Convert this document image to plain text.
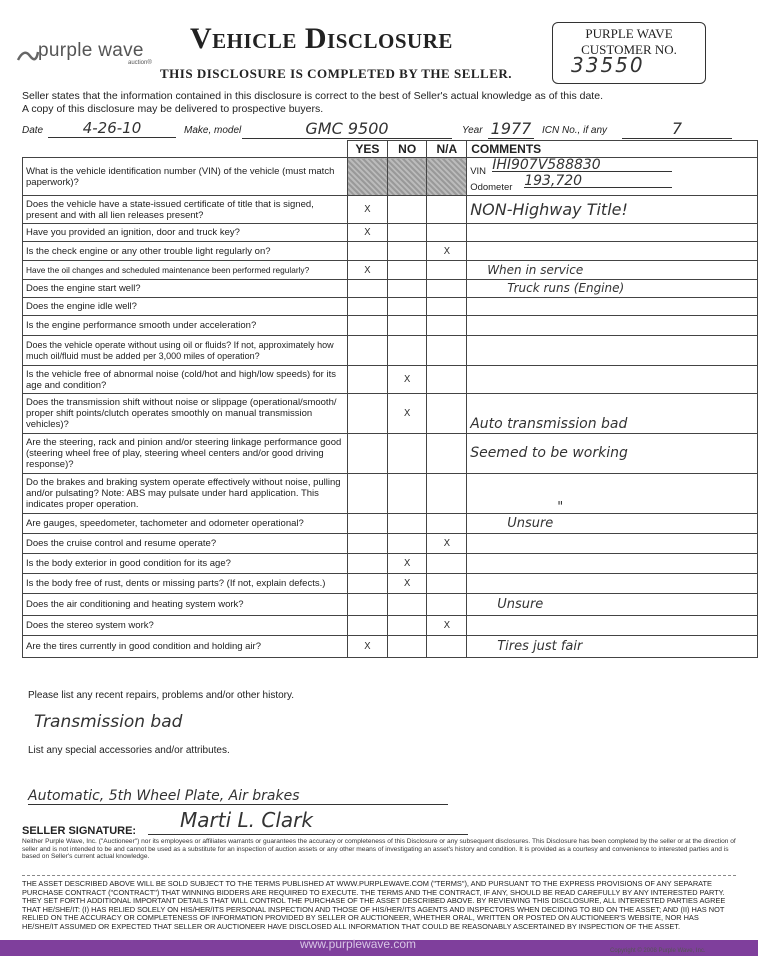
purple wave
auction®
Vehicle Disclosure
THIS DISCLOSURE IS COMPLETED BY THE SELLER.
PURPLE WAVE
CUSTOMER NO.
33550
Seller states that the information contained in this disclosure is correct to the best of Seller's actual knowledge as of this date.
A copy of this disclosure may be delivered to prospective buyers.
Date	4-26-10	Make, model	GMC 9500	Year 1977 ICN No., if any	7
	YES	NO	N/A	COMMENTS
What is the vehicle identification number (VIN) of the vehicle (must match paperwork)?				VIN IHI907V588830
Odometer 193,720

Does the vehicle have a state-issued certificate of title that is signed, present and with all lien releases present?	X			NON-Highway Title!
Have you provided an ignition, door and truck key?	X			
Is the check engine or any other trouble light regularly on?			X	
Have the oil changes and scheduled maintenance been performed regularly?	X			When in service
Does the engine start well?				Truck runs (Engine)
Does the engine idle well?				
Is the engine performance smooth under acceleration?				
Does the vehicle operate without using oil or fluids? If not, approximately how much oil/fluid must be added per 3,000 miles of operation?				
Is the vehicle free of abnormal noise (cold/hot and high/low speeds) for its age and condition?		X		
Does the transmission shift without noise or slippage (operational/smooth/ proper shift points/clutch operates smoothly on manual transmission vehicles)?		X		Auto transmission bad
Are the steering, rack and pinion and/or steering linkage performance good (steering wheel free of play, steering wheel centers and/or good driving response)?				Seemed to be working
Do the brakes and braking system operate effectively without noise, pulling and/or pulsating? Note: ABS may pulsate under hard application. This indicates proper operation.				"
Are gauges, speedometer, tachometer and odometer operational?				Unsure
Does the cruise control and resume operate?			X	
Is the body exterior in good condition for its age?		X		
Is the body free of rust, dents or missing parts? (If not, explain defects.)		X		
Does the air conditioning and heating system work?				Unsure
Does the stereo system work?			X	
Are the tires currently in good condition and holding air?	X			Tires just fair
Please list any recent repairs, problems and/or other history.
Transmission bad
List any special accessories and/or attributes.
Automatic, 5th Wheel Plate, Air brakes
SELLER SIGNATURE: Marti L. Clark
Neither Purple Wave, Inc. ("Auctioneer") nor its employees or affiliates warrants or guarantees the accuracy or completeness of this Disclosure or any subsequent disclosures. This Disclosure has been completed by the seller or at the direction of seller and is not intended to be and cannot be used as a substitute for an inspection of auction assets or any other means of investigating an asset's history and condition. It is provided as a courtesy and convenience to interested parties and is based on Seller's current actual knowledge.
THE ASSET DESCRIBED ABOVE WILL BE SOLD SUBJECT TO THE TERMS PUBLISHED AT WWW.PURPLEWAVE.COM ("TERMS"), AND PURSUANT TO THE EXPRESS PROVISIONS OF ANY SEPARATE PURCHASE CONTRACT ("CONTRACT") THAT WINNING BIDDERS ARE REQUIRED TO EXECUTE. THE TERMS AND THE CONTRACT, IF ANY, SHOULD BE READ CAREFULLY BY ANY INTERESTED PARTY. THEY SET FORTH ADDITIONAL IMPORTANT DETAILS THAT WILL CONTROL THE PURCHASE OF THE ASSET DESCRIBED ABOVE. BY REVIEWING THIS DISCLOSURE, ALL INTERESTED PARTIES AGREE THAT HE/SHE/IT: (I) HAS RELIED SOLELY ON HIS/HER/ITS PERSONAL INSPECTION AND THOSE OF HIS/HER/ITS AGENTS AND INSPECTORS WHEN DECIDING TO BID ON THE ASSET; AND (II) HAS NOT RELIED ON THE ACCURACY OR COMPLETENESS OF INFORMATION PROVIDED BY SELLER OR AUCTIONEER, WHETHER ORAL, WRITTEN OR POSTED ON AUCTIONEER'S WEBSITE, NOR HAS HE/SHE/IT ASSUMED OR EXPECTED THAT SELLER OR AUCTIONEER HAVE DISCLOSED ALL INFORMATION THAT COULD BE REASONABLY ASCERTAINED BY INSPECTION OF THE ASSET.
www.purplewave.com	Copyright © 2008 Purple Wave, Inc.
